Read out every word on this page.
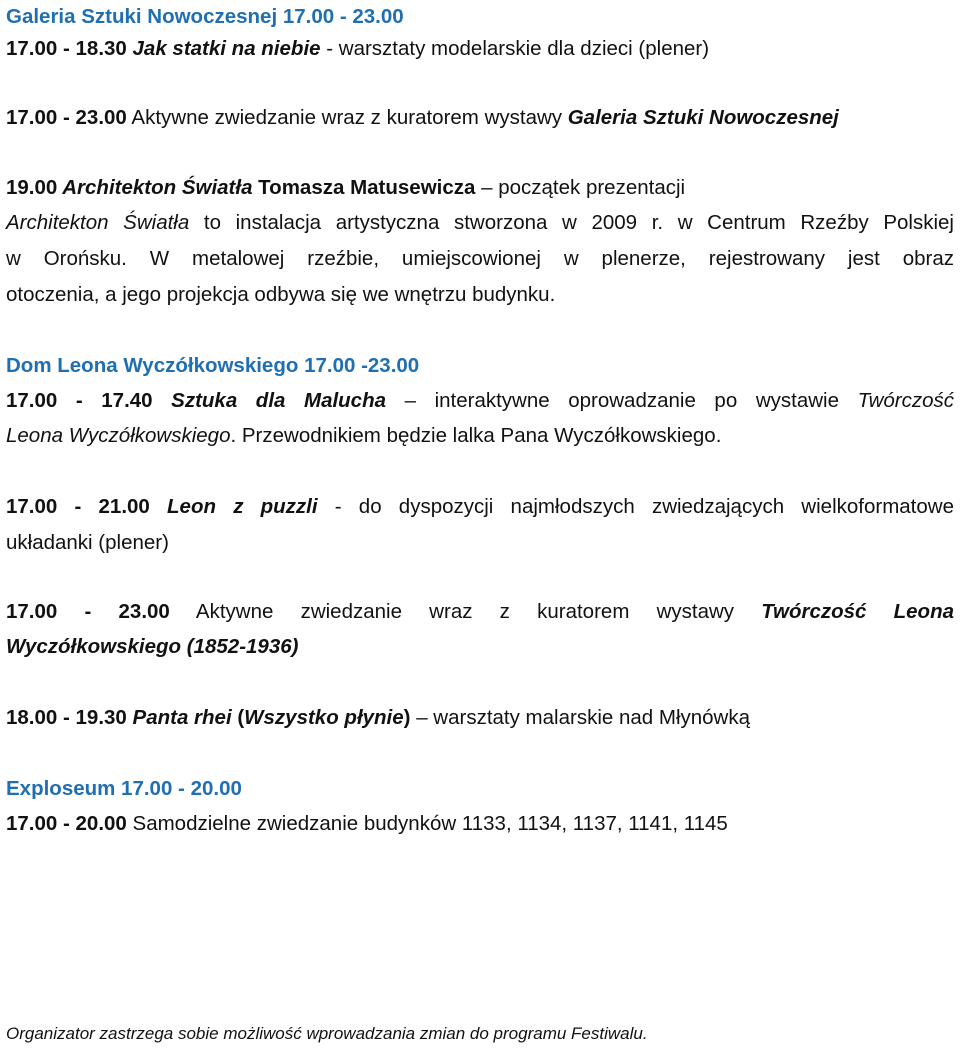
Galeria Sztuki Nowoczesnej 17.00 - 23.00
17.00 - 18.30 Jak statki na niebie - warsztaty modelarskie dla dzieci (plener)
17.00 - 23.00 Aktywne zwiedzanie wraz z kuratorem wystawy Galeria Sztuki Nowoczesnej
19.00 Architekton Światła Tomasza Matusewicza – początek prezentacji
Architekton Światła to instalacja artystyczna stworzona w 2009 r. w Centrum Rzeźby Polskiej
w Orońsku. W metalowej rzeźbie, umiejscowionej w plenerze, rejestrowany jest obraz
otoczenia, a jego projekcja odbywa się we wnętrzu budynku.
Dom Leona Wyczółkowskiego 17.00 -23.00
17.00 - 17.40 Sztuka dla Malucha – interaktywne oprowadzanie po wystawie Twórczość
Leona Wyczółkowskiego. Przewodnikiem będzie lalka Pana Wyczółkowskiego.
17.00 - 21.00 Leon z puzzli - do dyspozycji najmłodszych zwiedzających wielkoformatowe
układanki (plener)
17.00 - 23.00 Aktywne zwiedzanie wraz z kuratorem wystawy Twórczość Leona
Wyczółkowskiego (1852-1936)
18.00 - 19.30 Panta rhei (Wszystko płynie) – warsztaty malarskie nad Młynówką
Exploseum 17.00 - 20.00
17.00 - 20.00 Samodzielne zwiedzanie budynków 1133, 1134, 1137, 1141, 1145
Organizator zastrzega sobie możliwość wprowadzania zmian do programu Festiwalu.
